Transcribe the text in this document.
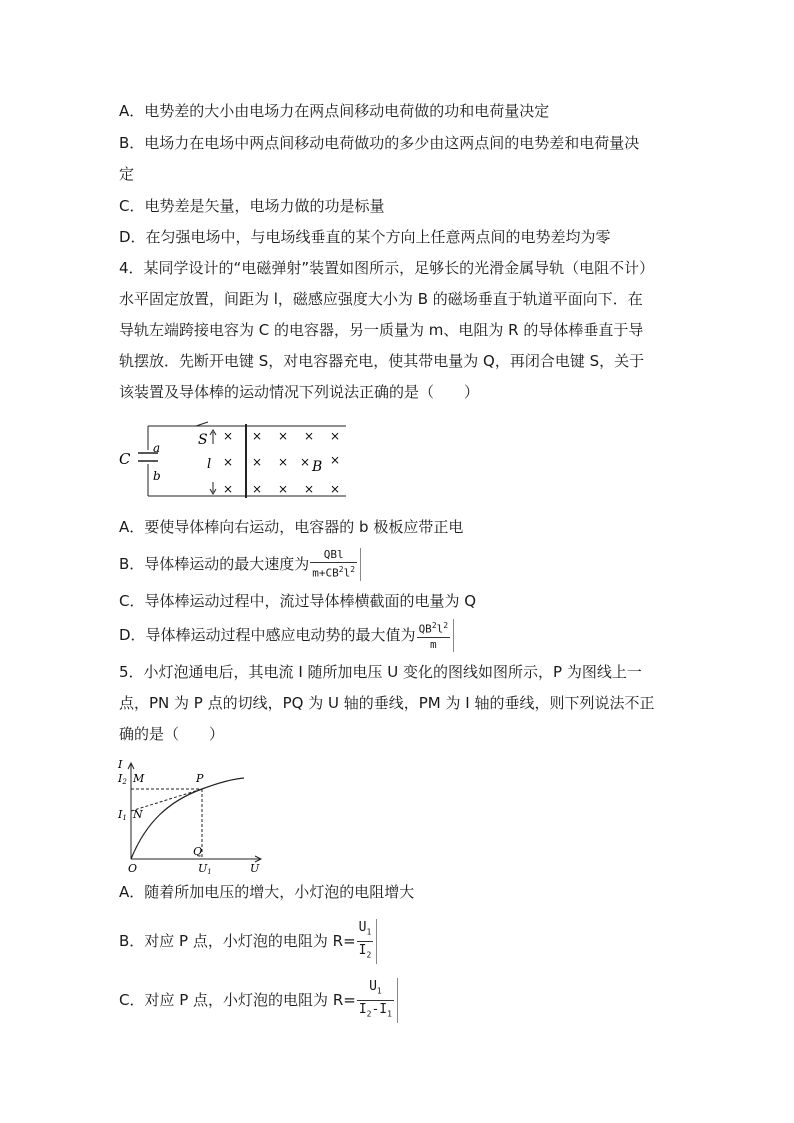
A．电势差的大小由电场力在两点间移动电荷做的功和电荷量决定
B．电场力在电场中两点间移动电荷做功的多少由这两点间的电势差和电荷量决
定
C．电势差是矢量，电场力做的功是标量
D．在匀强电场中，与电场线垂直的某个方向上任意两点间的电势差均为零
4．某同学设计的“电磁弹射”装置如图所示，足够长的光滑金属导轨（电阻不计）
水平固定放置，间距为 l，磁感应强度大小为 B 的磁场垂直于轨道平面向下．在
导轨左端跨接电容为 C 的电容器，另一质量为 m、电阻为 R 的导体棒垂直于导
轨摆放．先断开电键 S，对电容器充电，使其带电量为 Q，再闭合电键 S，关于
该装置及导体棒的运动情况下列说法正确的是（　　）
C
a
b
S
l	B
× × × × ×
× × × × ×
× × × × ×
A．要使导体棒向右运动，电容器的 b 极板应带正电
B．导体棒运动的最大速度为 $\frac{\text{QBl}}{m+CB^2l^2}$
C．导体棒运动过程中，流过导体棒横截面的电量为 Q
D．导体棒运动过程中感应电动势的最大值为 $\frac{QB^2l^2}{m}$
5．小灯泡通电后，其电流 I 随所加电压 U 变化的图线如图所示，P 为图线上一
点，PN 为 P 点的切线，PQ 为 U 轴的垂线，PM 为 I 轴的垂线，则下列说法不正
确的是（　　）
I
I2 M	P
I1 N
O
Q
U1	U
A．随着所加电压的增大，小灯泡的电阻增大
B．对应 P 点，小灯泡的电阻为 $R= \frac{U_1}{I_2}$
C．对应 P 点，小灯泡的电阻为 $R= \frac{U_1}{I_2-I_1}$
